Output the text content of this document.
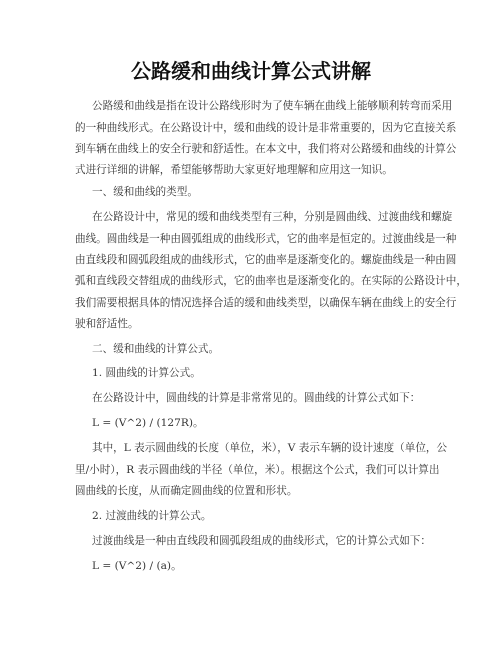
公路缓和曲线计算公式讲解
公路缓和曲线是指在设计公路线形时为了使车辆在曲线上能够顺利转弯而采用
的一种曲线形式。在公路设计中，缓和曲线的设计是非常重要的，因为它直接关系
到车辆在曲线上的安全行驶和舒适性。在本文中，我们将对公路缓和曲线的计算公
式进行详细的讲解，希望能够帮助大家更好地理解和应用这一知识。
一、缓和曲线的类型。
在公路设计中，常见的缓和曲线类型有三种，分别是圆曲线、过渡曲线和螺旋
曲线。圆曲线是一种由圆弧组成的曲线形式，它的曲率是恒定的。过渡曲线是一种
由直线段和圆弧段组成的曲线形式，它的曲率是逐渐变化的。螺旋曲线是一种由圆
弧和直线段交替组成的曲线形式，它的曲率也是逐渐变化的。在实际的公路设计中，
我们需要根据具体的情况选择合适的缓和曲线类型，以确保车辆在曲线上的安全行
驶和舒适性。
二、缓和曲线的计算公式。
1. 圆曲线的计算公式。
在公路设计中，圆曲线的计算是非常常见的。圆曲线的计算公式如下：
L = (V^2) / (127R)。
其中，L 表示圆曲线的长度（单位，米），V 表示车辆的设计速度（单位，公
里/小时），R 表示圆曲线的半径（单位，米）。根据这个公式，我们可以计算出
圆曲线的长度，从而确定圆曲线的位置和形状。
2. 过渡曲线的计算公式。
过渡曲线是一种由直线段和圆弧段组成的曲线形式，它的计算公式如下：
L = (V^2) / (a)。
